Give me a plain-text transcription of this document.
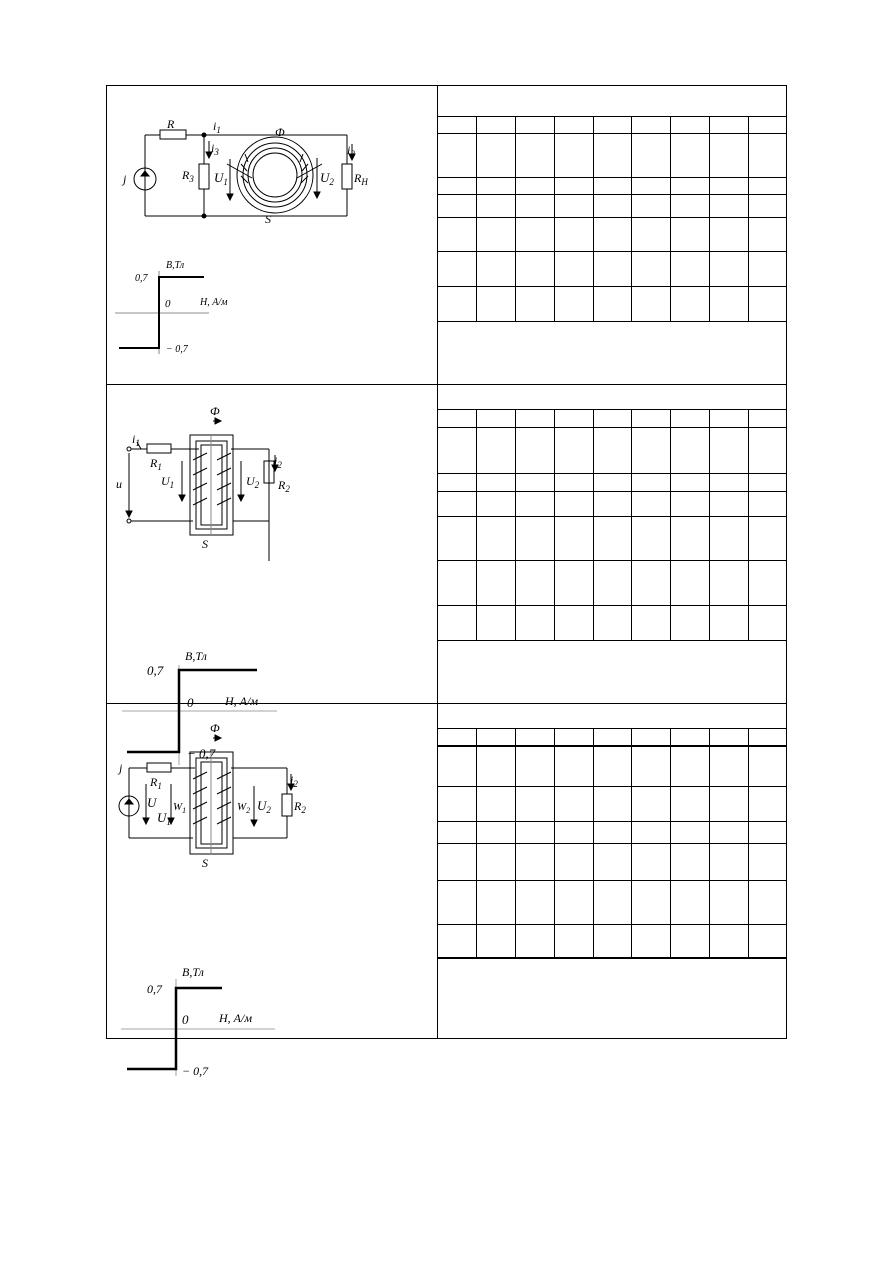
R	$i_1$
$i_3$
Ф
$i_2$
j	$R_3$ $U_1$	$U_2$ $R_Н$
S
B,Тл
0,7
0	H, А/м
− 0,7

Ф
$i_1$
$R_1$	$i_2$
u	$U_1$	$U_2$ $R_2$
S
B,Тл
0,7
0	H, А/м
− 0,7

Ф
j
$R_1$	$i_2$
U
$U_1$
$W_1$	$W_2$ $U_2$ $R_2$
S
B,Тл
0,7
0	H, А/м
− 0,7
